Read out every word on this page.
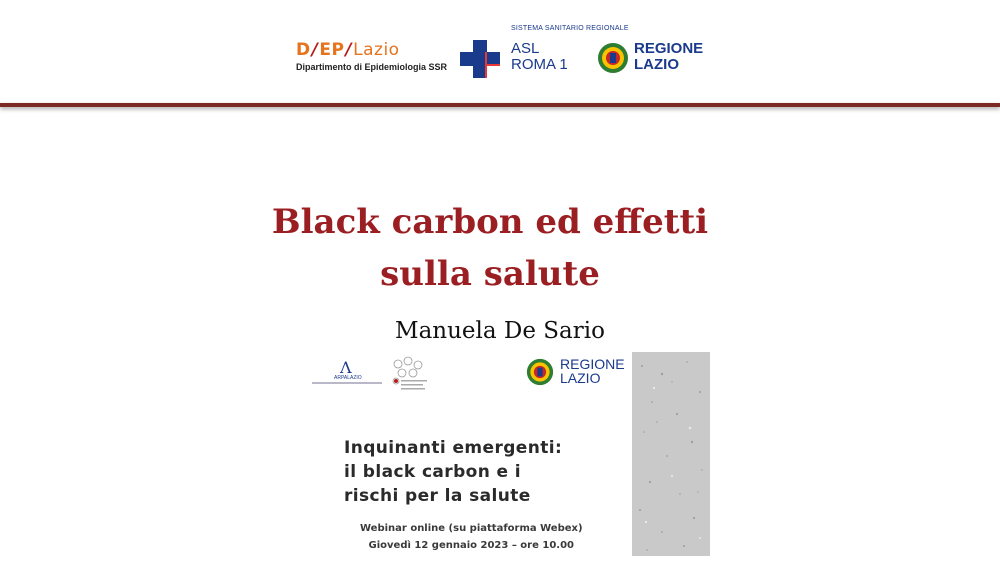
D/EP/Lazio
Dipartimento di Epidemiologia SSR
SISTEMA SANITARIO REGIONALE
ASL
ROMA 1
REGIONE
LAZIO
Black carbon ed effetti
sulla salute
Manuela De Sario
Λ
ARPALAZIO
REGIONE
LAZIO
Inquinanti emergenti:
il black carbon e i
rischi per la salute
Webinar online (su piattaforma Webex)
Giovedì 12 gennaio 2023 – ore 10.00
